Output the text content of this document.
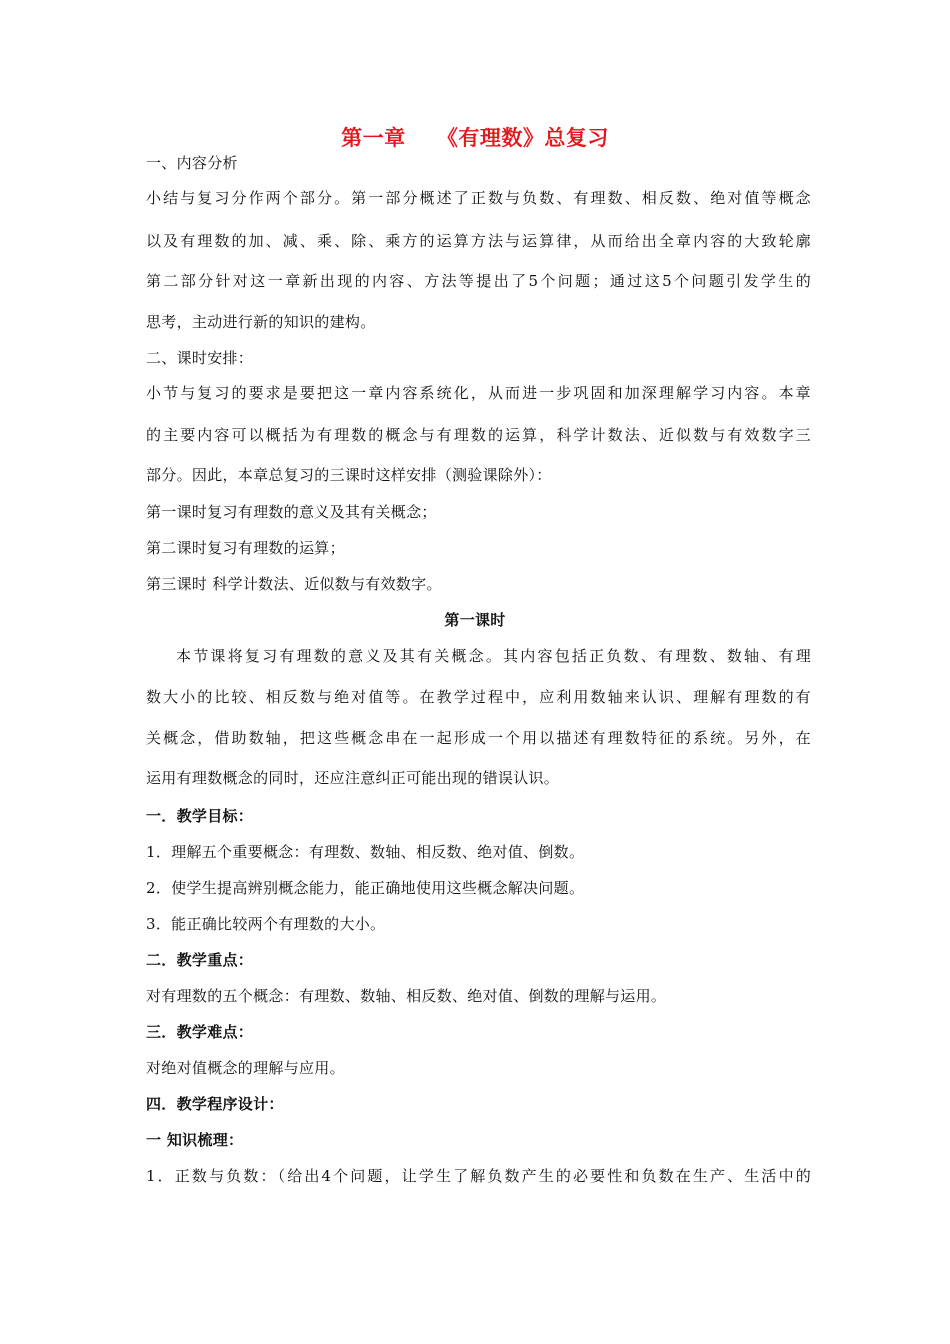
第一章    《有理数》总复习
一、内容分析
小结与复习分作两个部分。第一部分概述了正数与负数、有理数、相反数、绝对值等概念
以及有理数的加、减、乘、除、乘方的运算方法与运算律，从而给出全章内容的大致轮廓
第二部分针对这一章新出现的内容、方法等提出了5个问题；通过这5个问题引发学生的
思考，主动进行新的知识的建构。
二、课时安排：
小节与复习的要求是要把这一章内容系统化，从而进一步巩固和加深理解学习内容。本章
的主要内容可以概括为有理数的概念与有理数的运算，科学计数法、近似数与有效数字三
部分。因此，本章总复习的三课时这样安排（测验课除外）：
第一课时复习有理数的意义及其有关概念；
第二课时复习有理数的运算；
第三课时 科学计数法、近似数与有效数字。
第一课时
本节课将复习有理数的意义及其有关概念。其内容包括正负数、有理数、数轴、有理
数大小的比较、相反数与绝对值等。在教学过程中，应利用数轴来认识、理解有理数的有
关概念，借助数轴，把这些概念串在一起形成一个用以描述有理数特征的系统。另外，在
运用有理数概念的同时，还应注意纠正可能出现的错误认识。
一．教学目标：
1．理解五个重要概念：有理数、数轴、相反数、绝对值、倒数。
2．使学生提高辨别概念能力，能正确地使用这些概念解决问题。
3．能正确比较两个有理数的大小。
二．教学重点：
对有理数的五个概念：有理数、数轴、相反数、绝对值、倒数的理解与运用。
三．教学难点：
对绝对值概念的理解与应用。
四．教学程序设计：
一 知识梳理：
1．正数与负数：（给出4个问题，让学生了解负数产生的必要性和负数在生产、生活中的
